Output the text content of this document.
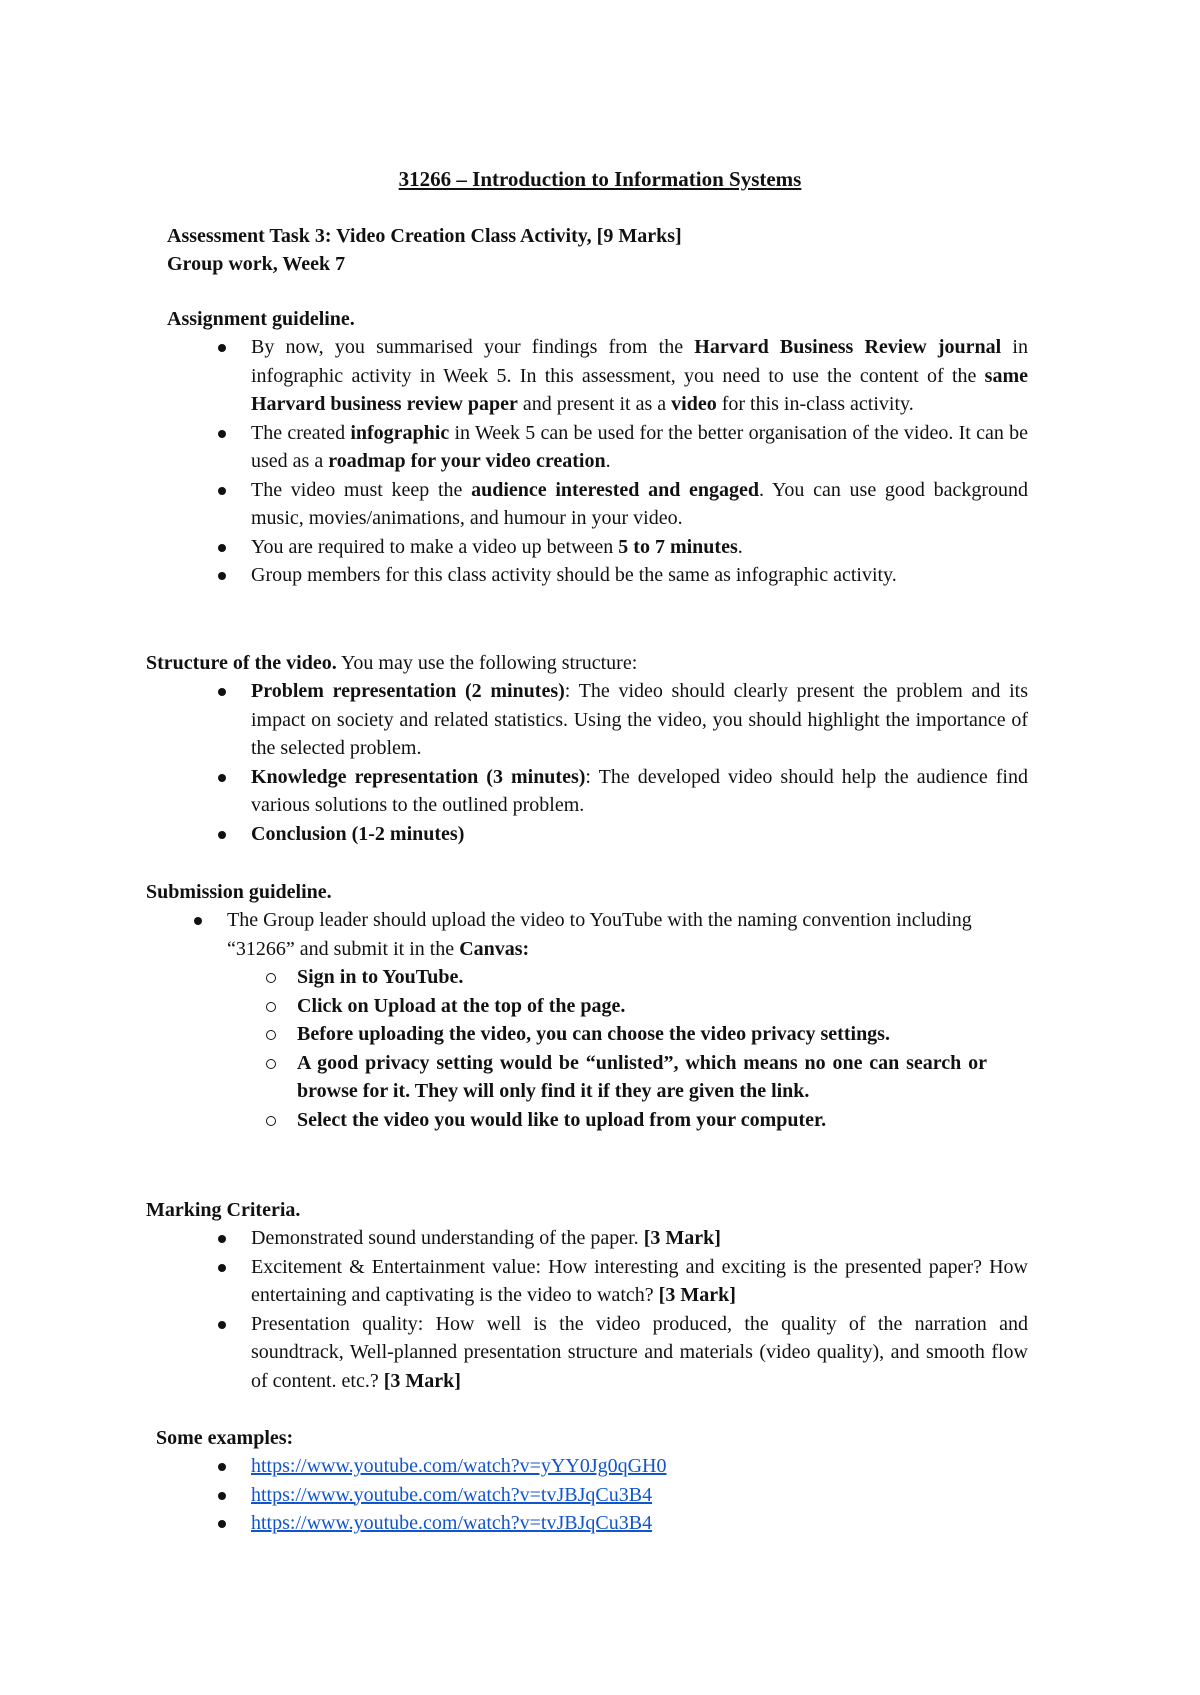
31266 – Introduction to Information Systems
Assessment Task 3: Video Creation Class Activity, [9 Marks]
Group work, Week 7
Assignment guideline.
By now, you summarised your findings from the Harvard Business Review journal in infographic activity in Week 5. In this assessment, you need to use the content of the same Harvard business review paper and present it as a video for this in-class activity.
The created infographic in Week 5 can be used for the better organisation of the video. It can be used as a roadmap for your video creation.
The video must keep the audience interested and engaged. You can use good background music, movies/animations, and humour in your video.
You are required to make a video up between 5 to 7 minutes.
Group members for this class activity should be the same as infographic activity.
Structure of the video. You may use the following structure:
Problem representation (2 minutes): The video should clearly present the problem and its impact on society and related statistics. Using the video, you should highlight the importance of the selected problem.
Knowledge representation (3 minutes): The developed video should help the audience find various solutions to the outlined problem.
Conclusion (1-2 minutes)
Submission guideline.
The Group leader should upload the video to YouTube with the naming convention including “31266” and submit it in the Canvas:
Sign in to YouTube.
Click on Upload at the top of the page.
Before uploading the video, you can choose the video privacy settings.
A good privacy setting would be “unlisted”, which means no one can search or browse for it. They will only find it if they are given the link.
Select the video you would like to upload from your computer.
Marking Criteria.
Demonstrated sound understanding of the paper. [3 Mark]
Excitement & Entertainment value: How interesting and exciting is the presented paper? How entertaining and captivating is the video to watch? [3 Mark]
Presentation quality: How well is the video produced, the quality of the narration and soundtrack, Well-planned presentation structure and materials (video quality), and smooth flow of content. etc.? [3 Mark]
Some examples:
https://www.youtube.com/watch?v=yYY0Jg0qGH0
https://www.youtube.com/watch?v=tvJBJqCu3B4
https://www.youtube.com/watch?v=tvJBJqCu3B4
